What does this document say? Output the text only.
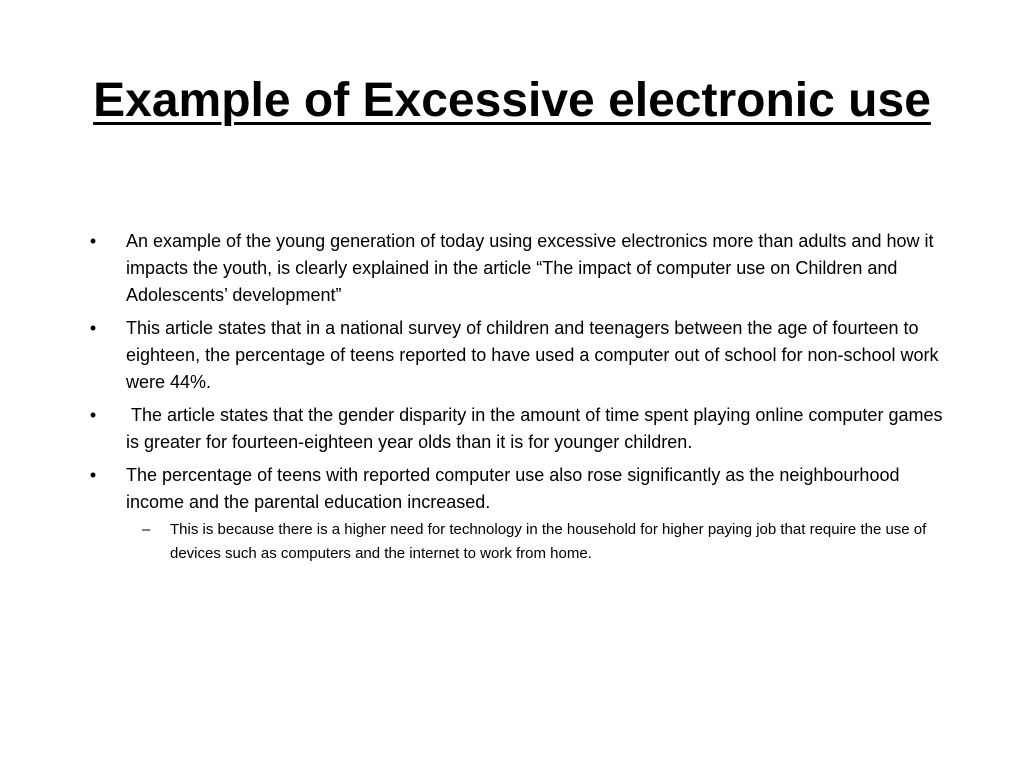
Example of Excessive electronic use
• An example of the young generation of today using excessive electronics more than adults and how it impacts the youth, is clearly explained in the article “The impact of computer use on Children and Adolescents’ development”
• This article states that in a national survey of children and teenagers between the age of fourteen to eighteen, the percentage of teens reported to have used a computer out of school for non-school work were 44%.
• The article states that the gender disparity in the amount of time spent playing online computer games is greater for fourteen-eighteen year olds than it is for younger children.
• The percentage of teens with reported computer use also rose significantly as the neighbourhood income and the parental education increased.
– This is because there is a higher need for technology in the household for higher paying job that require the use of devices such as computers and the internet to work from home.
